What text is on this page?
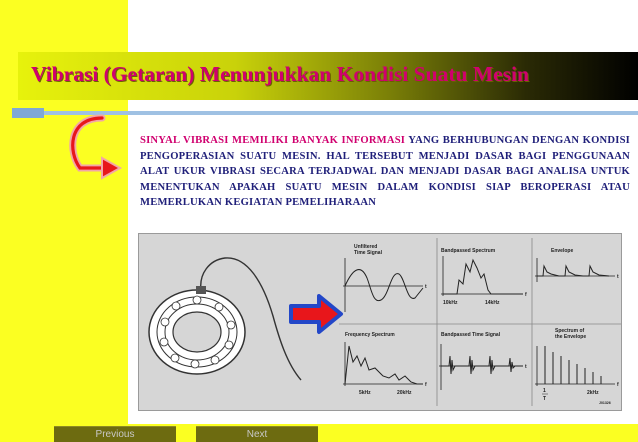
Vibrasi (Getaran) Menunjukkan Kondisi Suatu Mesin

SINYAL VIBRASI MEMILIKI BANYAK INFORMASI YANG BERHUBUNGAN DENGAN KONDISI PENGOPERASIAN SUATU MESIN. HAL TERSEBUT MENJADI DASAR BAGI PENGGUNAAN ALAT UKUR VIBRASI SECARA TERJADWAL DAN MENJADI DASAR BAGI ANALISA UNTUK MENENTUKAN APAKAH SUATU MESIN DALAM KONDISI SIAP BEROPERASI ATAU MEMERLUKAN KEGIATAN PEMELIHARAAN

Unfiltered
Time Signal
t
Bandpassed Spectrum
f
10kHz	14kHz
Envelope
t
Frequency Spectrum
f
5kHz	20kHz
Bandpassed Time Signal
t
Spectrum of
the Envelope
f
1
T
2kHz
J01326
Previous	Next
